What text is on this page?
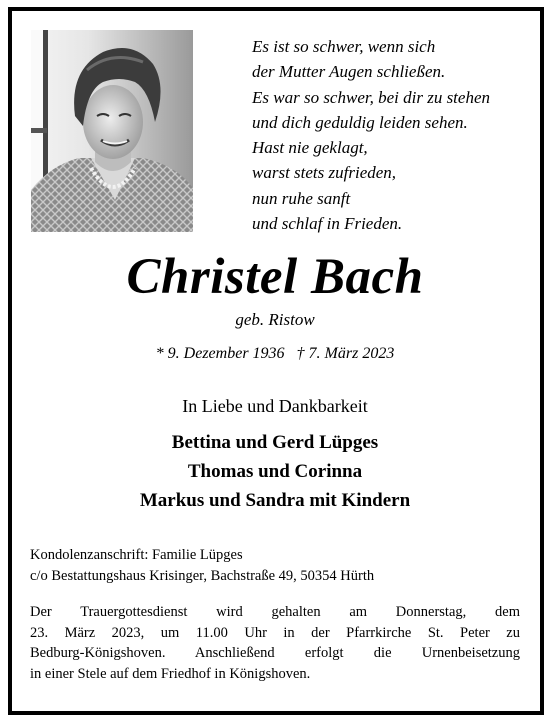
Es ist so schwer, wenn sich
der Mutter Augen schließen.
Es war so schwer, bei dir zu stehen
und dich geduldig leiden sehen.
Hast nie geklagt,
warst stets zufrieden,
nun ruhe sanft
und schlaf in Frieden.
Christel Bach
geb. Ristow
* 9. Dezember 1936 † 7. März 2023
In Liebe und Dankbarkeit
Bettina und Gerd Lüpges
Thomas und Corinna
Markus und Sandra mit Kindern
Kondolenzanschrift: Familie Lüpges
c/o Bestattungshaus Krisinger, Bachstraße 49, 50354 Hürth
Der Trauergottesdienst wird gehalten am Donnerstag, dem
23. März 2023, um 11.00 Uhr in der Pfarrkirche St. Peter zu
Bedburg-Königshoven. Anschließend erfolgt die Urnenbeisetzung
in einer Stele auf dem Friedhof in Königshoven.
